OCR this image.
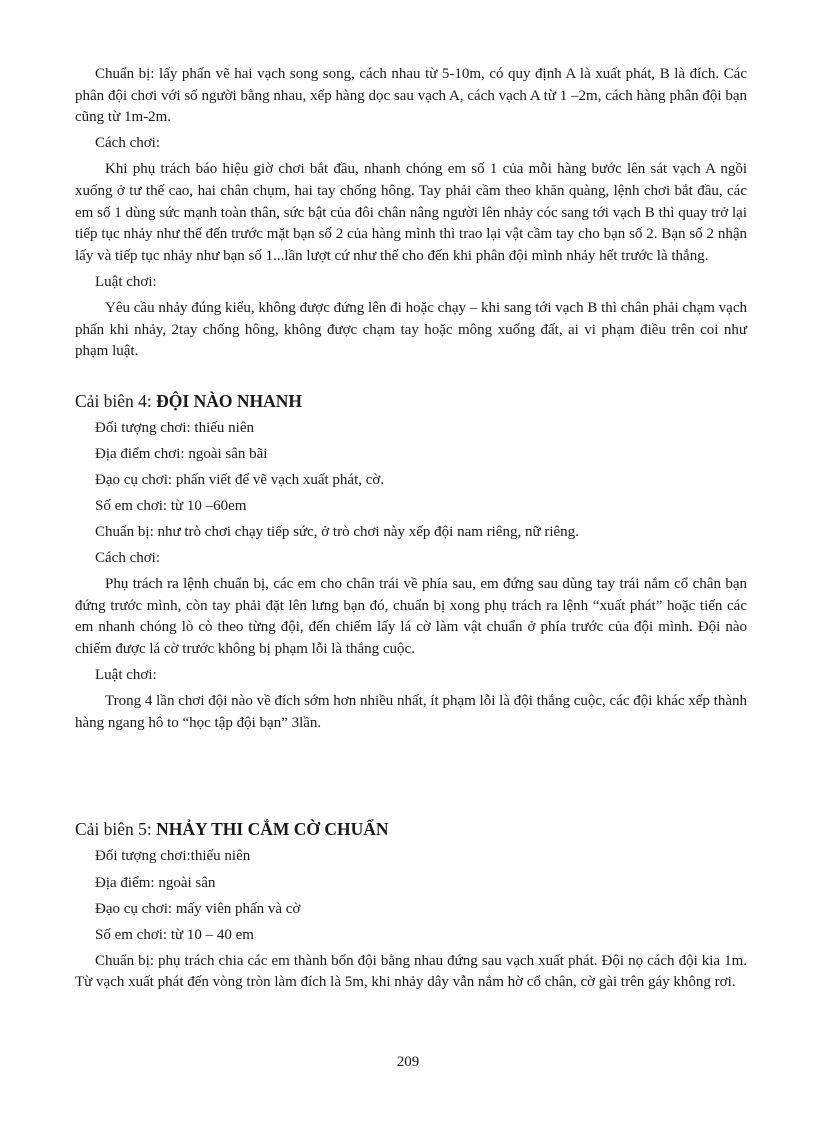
Chuẩn bị: lấy phấn vẽ hai vạch song song, cách nhau từ 5-10m, có quy định A là xuất phát, B là đích. Các phân đội chơi với số người bằng nhau, xếp hàng dọc sau vạch A, cách vạch A từ 1 –2m, cách hàng phân đội bạn cũng từ 1m-2m.

Cách chơi:

Khi phụ trách báo hiệu giờ chơi bắt đầu, nhanh chóng em số 1 của mỗi hàng bước lên sát vạch A ngồi xuống ở tư thế cao, hai chân chụm, hai tay chống hông. Tay phải cầm theo khăn quàng, lệnh chơi bắt đầu, các em số 1 dùng sức mạnh toàn thân, sức bật của đôi chân nâng người lên nhảy cóc sang tới vạch B thì quay trở lại tiếp tục nhảy như thế đến trước mặt bạn số 2 của hàng mình thì trao lại vật cầm tay cho bạn số 2. Bạn số 2 nhận lấy và tiếp tục nhảy như bạn số 1...lần lượt cứ như thế cho đến khi phân đội mình nhảy hết trước là thắng.

Luật chơi:

Yêu cầu nhảy đúng kiểu, không được đứng lên đi hoặc chạy – khi sang tới vạch B thì chân phải chạm vạch phấn khi nhảy, 2tay chống hông, không được chạm tay hoặc mông xuống đất, ai vi phạm điều trên coi như phạm luật.

Cải biên 4: ĐỘI NÀO NHANH

Đối tượng chơi: thiếu niên

Địa điểm chơi: ngoài sân bãi

Đạo cụ chơi: phấn viết để vẽ vạch xuất phát, cờ.

Số em chơi: từ 10 –60em

Chuẩn bị: như trò chơi chạy tiếp sức, ở trò chơi này xếp đội nam riêng, nữ riêng.

Cách chơi:

Phụ trách ra lệnh chuẩn bị, các em cho chân trái về phía sau, em đứng sau dùng tay trái nắm cổ chân bạn đứng trước mình, còn tay phải đặt lên lưng bạn đó, chuẩn bị xong phụ trách ra lệnh “xuất phát” hoặc tiến các em nhanh chóng lò cò theo từng đội, đến chiếm lấy lá cờ làm vật chuẩn ở phía trước của đội mình. Đội nào chiếm được lá cờ trước không bị phạm lỗi là thắng cuộc.

Luật chơi:

Trong 4 lần chơi đội nào về đích sớm hơn nhiều nhất, ít phạm lỗi là đội thắng cuộc, các đội khác xếp thành hàng ngang hô to “học tập đội bạn” 3lần.

Cải biên 5: NHẢY THI CẮM CỜ CHUẨN

Đối tượng chơi:thiếu niên

Địa điểm: ngoài sân

Đạo cụ chơi: mấy viên phấn và cờ

Số em chơi: từ 10 – 40 em

Chuẩn bị: phụ trách chia các em thành bốn đội bằng nhau đứng sau vạch xuất phát. Đội nọ cách đội kia 1m. Từ vạch xuất phát đến vòng tròn làm đích là 5m, khi nhảy dây vẫn nắm hờ cổ chân, cờ gài trên gáy không rơi.

209
